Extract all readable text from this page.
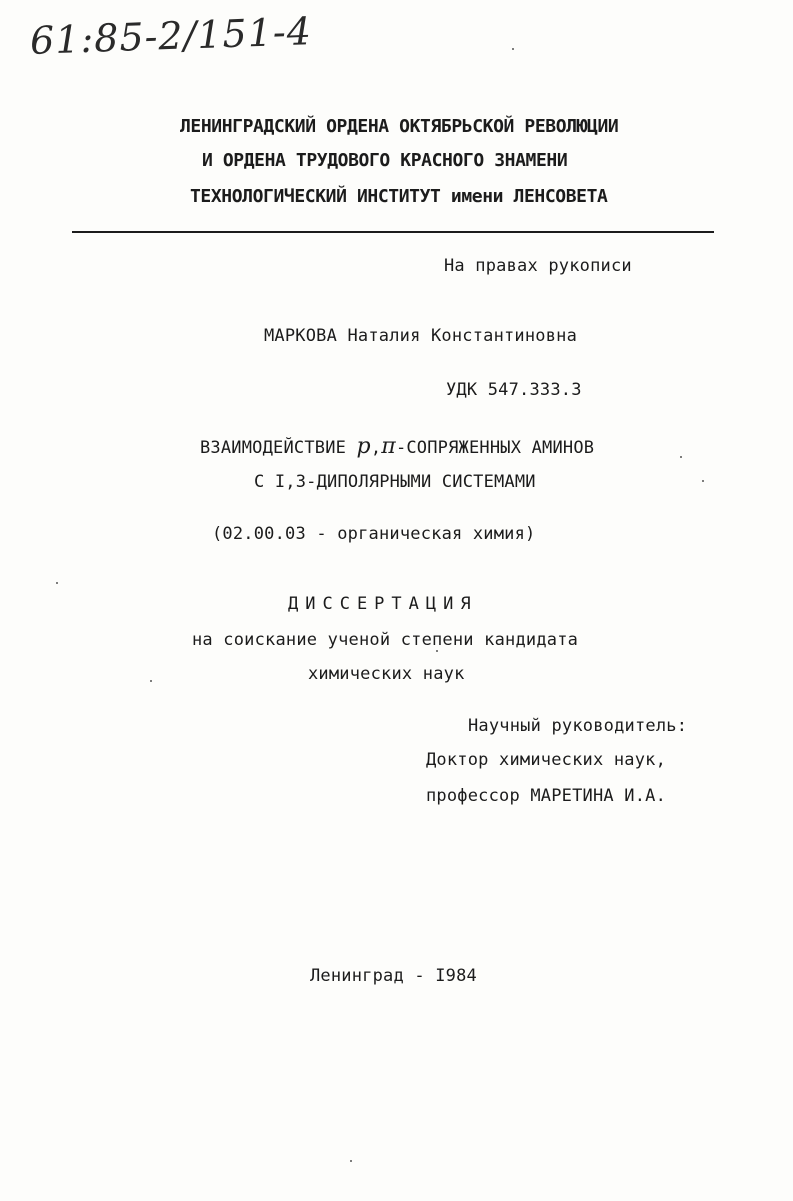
61:85-2/151-4
ЛЕНИНГРАДСКИЙ ОРДЕНА ОКТЯБРЬСКОЙ РЕВОЛЮЦИИ
И ОРДЕНА ТРУДОВОГО КРАСНОГО ЗНАМЕНИ
ТЕХНОЛОГИЧЕСКИЙ ИНСТИТУТ имени ЛЕНСОВЕТА
На правах рукописи
МАРКОВА Наталия Константиновна
УДК 547.333.3
ВЗАИМОДЕЙСТВИЕ p,π-СОПРЯЖЕННЫХ АМИНОВ
С I,3-ДИПОЛЯРНЫМИ СИСТЕМАМИ
(02.00.03 - органическая химия)
ДИССЕРТАЦИЯ
на соискание ученой степени кандидата
химических наук
Научный руководитель:
Доктор химических наук,
профессор МАРЕТИНА И.А.
Ленинград - I984
